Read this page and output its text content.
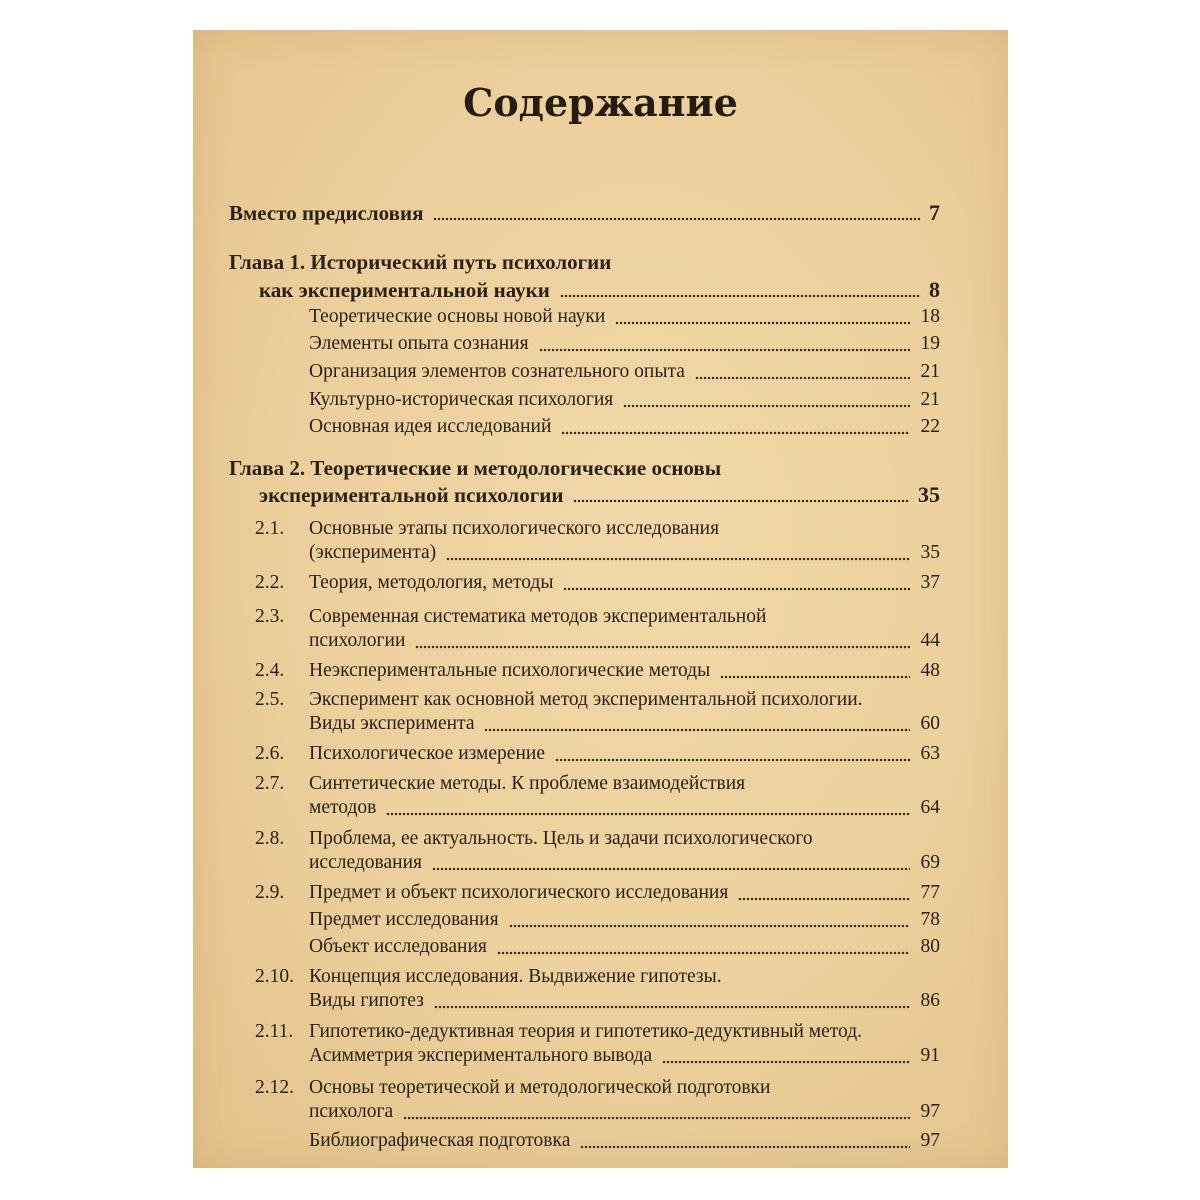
Содержание
Вместо предисловия	7
Глава 1. Исторический путь психологии
как экспериментальной науки	8
Теоретические основы новой науки	18
Элементы опыта сознания	19
Организация элементов сознательного опыта	21
Культурно-историческая психология	21
Основная идея исследований	22
Глава 2. Теоретические и методологические основы
экспериментальной психологии	35
2.1. Основные этапы психологического исследования
(эксперимента)	35
2.2. Теория, методология, методы	37
2.3. Современная систематика методов экспериментальной
психологии	44
2.4. Неэкспериментальные психологические методы	48
2.5. Эксперимент как основной метод экспериментальной психологии.
Виды эксперимента	60
2.6. Психологическое измерение	63
2.7. Синтетические методы. К проблеме взаимодействия
методов	64
2.8. Проблема, ее актуальность. Цель и задачи психологического
исследования	69
2.9. Предмет и объект психологического исследования	77
Предмет исследования	78
Объект исследования	80
2.10. Концепция исследования. Выдвижение гипотезы.
Виды гипотез	86
2.11. Гипотетико-дедуктивная теория и гипотетико-дедуктивный метод.
Асимметрия экспериментального вывода	91
2.12. Основы теоретической и методологической подготовки
психолога	97
Библиографическая подготовка	97
